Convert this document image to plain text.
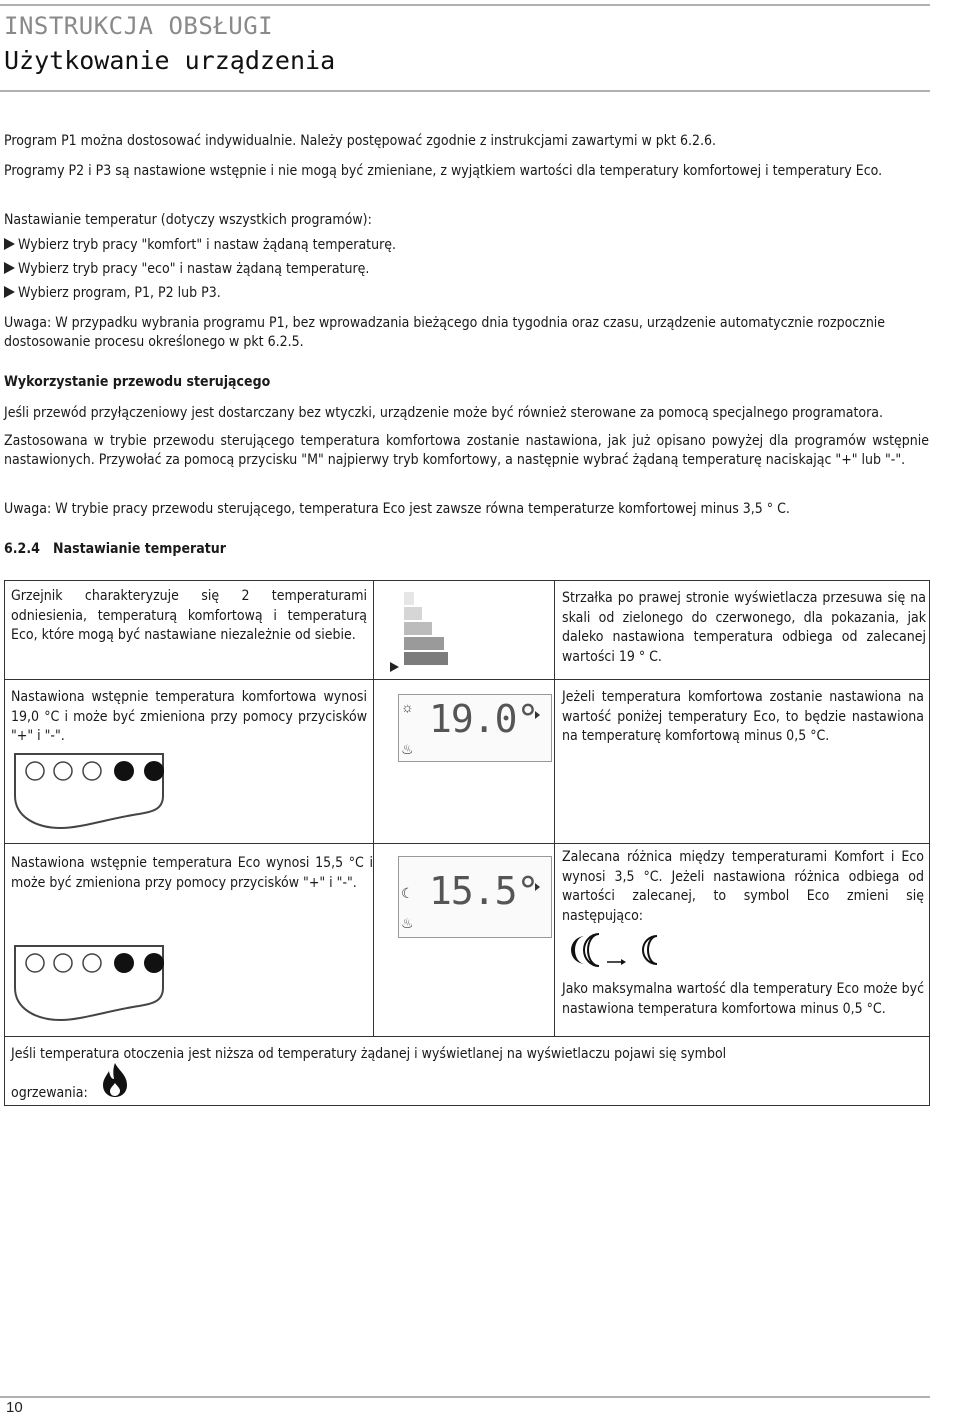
INSTRUKCJA OBSŁUGI
Użytkowanie urządzenia
Program P1 można dostosować indywidualnie. Należy postępować zgodnie z instrukcjami zawartymi w pkt 6.2.6.
Programy P2 i P3 są nastawione wstępnie i nie mogą być zmieniane, z wyjątkiem wartości dla temperatury komfortowej i temperatury Eco.
Nastawianie temperatur (dotyczy wszystkich programów):
Wybierz tryb pracy "komfort" i nastaw żądaną temperaturę.
Wybierz tryb pracy "eco" i nastaw żądaną temperaturę.
Wybierz program, P1, P2 lub P3.
Uwaga: W przypadku wybrania programu P1, bez wprowadzania bieżącego dnia tygodnia oraz czasu, urządzenie automatycznie rozpocznie dostosowanie procesu określonego w pkt 6.2.5.
Wykorzystanie przewodu sterującego
Jeśli przewód przyłączeniowy jest dostarczany bez wtyczki, urządzenie może być również sterowane za pomocą specjalnego programatora.
Zastosowana w trybie przewodu sterującego temperatura komfortowa zostanie nastawiona, jak już opisano powyżej dla programów wstępnie nastawionych. Przywołać za pomocą przycisku "M" najpierwy tryb komfortowy, a następnie wybrać żądaną temperaturę naciskając "+" lub "-".
Uwaga: W trybie pracy przewodu sterującego, temperatura Eco jest zawsze równa temperaturze komfortowej minus 3,5 ° C.
6.2.4 Nastawianie temperatur
Grzejnik charakteryzuje się 2 temperaturami odniesienia, temperaturą komfortową i temperaturą Eco, które mogą być nastawiane niezależnie od siebie.
Strzałka po prawej stronie wyświetlacza przesuwa się na skali od zielonego do czerwonego, dla pokazania, jak daleko nastawiona temperatura odbiega od zalecanej wartości 19 ° C.
Nastawiona wstępnie temperatura komfortowa wynosi 19,0 °C i może być zmieniona przy pomocy przycisków "+" i "-".
☼ 19.0°
♨
Jeżeli temperatura komfortowa zostanie nastawiona na wartość poniżej temperatury Eco, to będzie nastawiona na temperaturę komfortową minus 0,5 °C.
Nastawiona wstępnie temperatura Eco wynosi 15,5 °C i może być zmieniona przy pomocy przycisków "+" i "-".
☾ 15.5°
♨
Zalecana różnica między temperaturami Komfort i Eco wynosi 3,5 °C. Jeżeli nastawiona różnica odbiega od wartości zalecanej, to symbol Eco zmieni się następująco:
Jako maksymalna wartość dla temperatury Eco może być nastawiona temperatura komfortowa minus 0,5 °C.
Jeśli temperatura otoczenia jest niższa od temperatury żądanej i wyświetlanej na wyświetlaczu pojawi się symbol
ogrzewania:
10
